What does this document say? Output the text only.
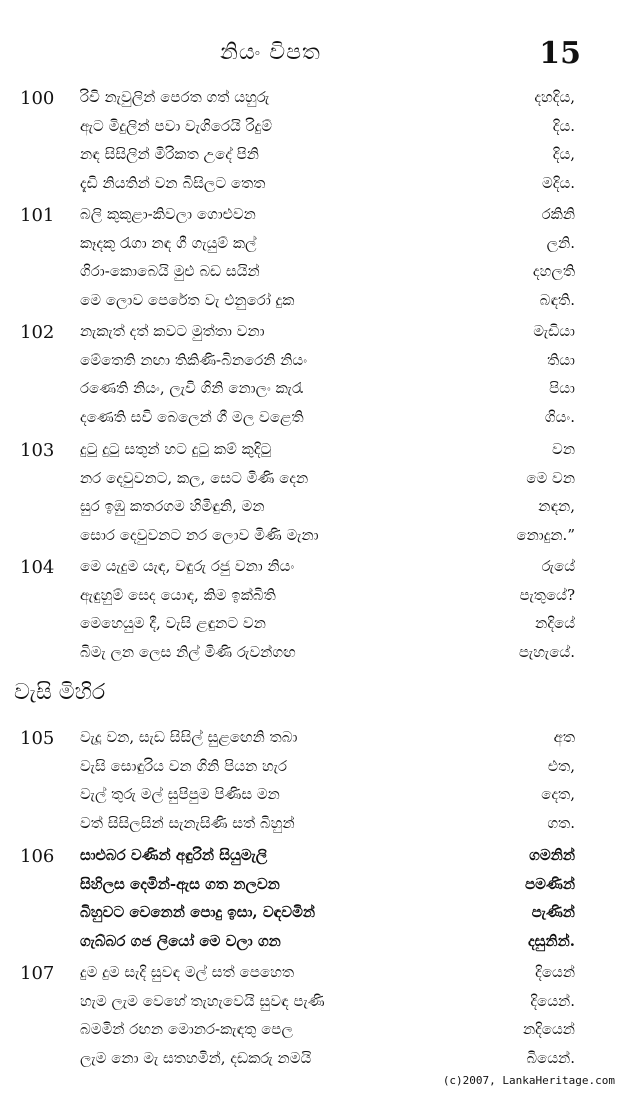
නියං විපත	15
100 රිවි නැවුලින් පෙරත ගත් යහුරු	දහදිය,
ඇට මිදුලින් පවා වැගිරෙයි රිදුම්	දිය.
නඳ සිසිලින් මිරිකත උදේ පිනි	දිය,
දැඩි නියතින් වන බිසිලට තෙත	මදිය.
101 බලි කුකුළා-කිවලා ගොළුවන	රකිනි
කෑදකු රැගා නඳ ගී ගැයුම් කල්	ලනි.
ගිරා-කොබෙයි මුළු බඩ සයින්	දහලති
මෙ ලොව පෙරේත වැ එනුරෝ දුක	බඳති.
102 නැකැත් දත් කවට මුත්තා වනා	මැඩියා
මේතෙති නඟා තිකිණි-බිනරෙනි නියං	තියා
රණෙති නියං, ලැවි ගිනි නොලං කැරැ	පියා
දණෙති සවි බෙලෙන් ගී මල වළෙති	ගියං.
103 දුටු දුටු සතුන් හට දුටු කම් කුදිටු	වන
නර දෙවුවනට, කල, සෙට මිණි දෙන	මෙ වන
සුර ඉඹු කතරගම හිමිඳුනි, මන	නඳන,
සොර දෙවුවනට නර ලොව මිණි මැනා	නොදුන.”
104 මෙ යැදුම යැඳ, වඳුරු රජු වනා නියං	රුයේ
ඇඳුහුම් සෙද යොඳ, කිම ඉක්බිති	පැතුයේ?
මෙහෙයුම දී, වැසි ළඳුනට වන	නදියේ
බිමැ ලන ලෙස නිල් මිණි රුවන්ගඟ	පැහැයේ.
105 වැදූ වන, සැඩ සිසිල් සුළඟෙනි තබා	අත
වැසි සොඳුරිය වන ගිනි පියන හැර	එත,
වැල් තුරු මල් සුපිපුම පිණිස මන	දෙත,
වත් සිසිලසින් සැනැසිණි සත් බිහුන්	ගත.
106 සාළුබර වණින් අඳුරින් සියුමැලි	ගමනින්
සිහිලස දෙමින්-ඇස ගත නලවන	පමණින්
බිහුවට වෙනෙන් පොදු ඉසා, වඳවමින්	පැණින්
ගැබ්බර ගජ ලියෝ මෙ වලා ගන	දසුනින්.
107 දුම දුම සැදි සුවඳ මල් සත් පෙහෙත	දියෙන්
හැම ලැම වෙහේ තැහැවෙයි සුවඳ පැණි	දියෙන්.
බමමින් රඟන මොනර-කැඳතු පෙල	නදියෙන්
ලැම නො මැ සතහමින්, දඩකරු නමයි	බියෙන්.
වැසි මිහිර
(c)2007, LankaHeritage.com
